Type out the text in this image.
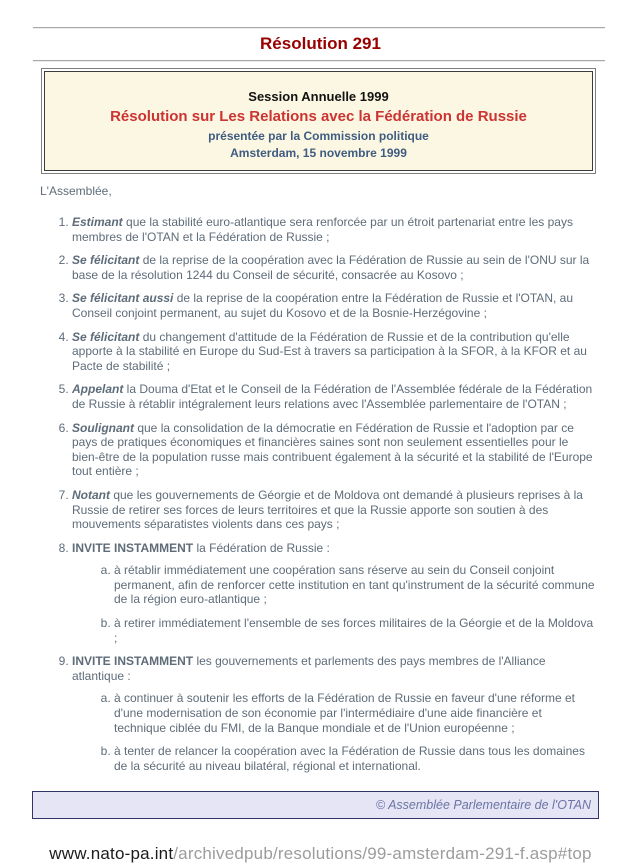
Résolution 291
Session Annuelle 1999
Résolution sur Les Relations avec la Fédération de Russie
présentée par la Commission politique
Amsterdam, 15 novembre 1999
L'Assemblée,
1. Estimant que la stabilité euro-atlantique sera renforcée par un étroit partenariat entre les pays membres de l'OTAN et la Fédération de Russie ;
2. Se félicitant de la reprise de la coopération avec la Fédération de Russie au sein de l'ONU sur la base de la résolution 1244 du Conseil de sécurité, consacrée au Kosovo ;
3. Se félicitant aussi de la reprise de la coopération entre la Fédération de Russie et l'OTAN, au Conseil conjoint permanent, au sujet du Kosovo et de la Bosnie-Herzégovine ;
4. Se félicitant du changement d'attitude de la Fédération de Russie et de la contribution qu'elle apporte à la stabilité en Europe du Sud-Est à travers sa participation à la SFOR, à la KFOR et au Pacte de stabilité ;
5. Appelant la Douma d'Etat et le Conseil de la Fédération de l'Assemblée fédérale de la Fédération de Russie à rétablir intégralement leurs relations avec l'Assemblée parlementaire de l'OTAN ;
6. Soulignant que la consolidation de la démocratie en Fédération de Russie et l'adoption par ce pays de pratiques économiques et financières saines sont non seulement essentielles pour le bien-être de la population russe mais contribuent également à la sécurité et la stabilité de l'Europe tout entière ;
7. Notant que les gouvernements de Géorgie et de Moldova ont demandé à plusieurs reprises à la Russie de retirer ses forces de leurs territoires et que la Russie apporte son soutien à des mouvements séparatistes violents dans ces pays ;
8. INVITE INSTAMMENT la Fédération de Russie :
a. à rétablir immédiatement une coopération sans réserve au sein du Conseil conjoint permanent, afin de renforcer cette institution en tant qu'instrument de la sécurité commune de la région euro-atlantique ;
b. à retirer immédiatement l'ensemble de ses forces militaires de la Géorgie et de la Moldova ;
9. INVITE INSTAMMENT les gouvernements et parlements des pays membres de l'Alliance atlantique :
a. à continuer à soutenir les efforts de la Fédération de Russie en faveur d'une réforme et d'une modernisation de son économie par l'intermédiaire d'une aide financière et technique ciblée du FMI, de la Banque mondiale et de l'Union européenne ;
b. à tenter de relancer la coopération avec la Fédération de Russie dans tous les domaines de la sécurité au niveau bilatéral, régional et international.
© Assemblée Parlementaire de l'OTAN
www.nato-pa.int/archivedpub/resolutions/99-amsterdam-291-f.asp#top
